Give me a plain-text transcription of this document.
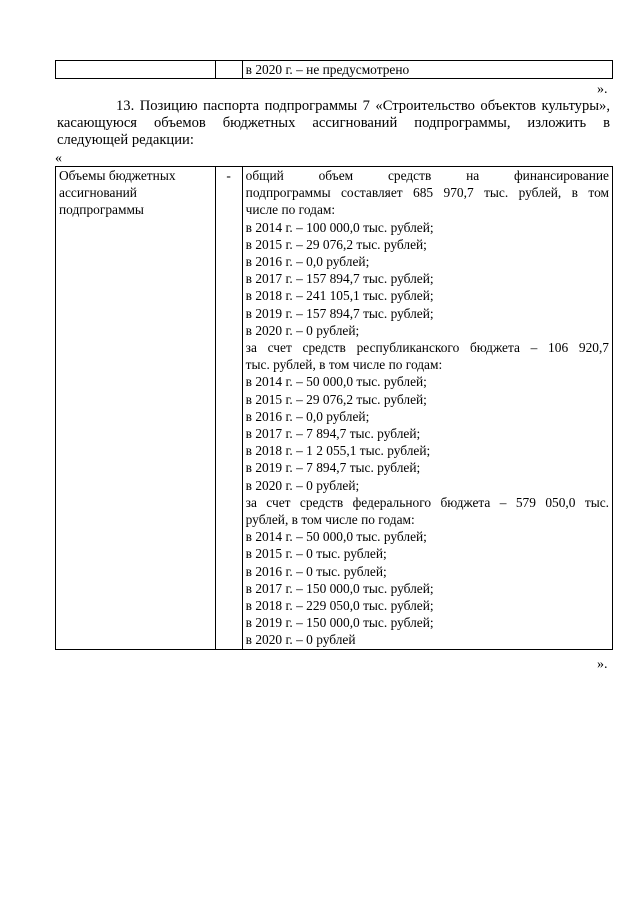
		в 2020 г. – не предусмотрено
».
13. Позицию паспорта подпрограммы 7 «Строительство объектов культуры»,
касающуюся объемов бюджетных ассигнований подпрограммы, изложить в
следующей редакции:
«
Объемы бюджетных
ассигнований
подпрограммы
	-	общий объем средств на финансирование
подпрограммы составляет 685 970,7 тыс. рублей, в том
числе по годам:
в 2014 г. – 100 000,0 тыс. рублей;
в 2015 г. – 29 076,2 тыс. рублей;
в 2016 г. – 0,0 рублей;
в 2017 г. – 157 894,7 тыс. рублей;
в 2018 г. – 241 105,1 тыс. рублей;
в 2019 г. – 157 894,7 тыс. рублей;
в 2020 г. – 0 рублей;
за счет средств республиканского бюджета – 106 920,7
тыс. рублей, в том числе по годам:
в 2014 г. – 50 000,0 тыс. рублей;
в 2015 г. – 29 076,2 тыс. рублей;
в 2016 г. – 0,0 рублей;
в 2017 г. – 7 894,7 тыс. рублей;
в 2018 г. – 1 2 055,1 тыс. рублей;
в 2019 г. – 7 894,7 тыс. рублей;
в 2020 г. – 0 рублей;
за счет средств федерального бюджета – 579 050,0 тыс.
рублей, в том числе по годам:
в 2014 г. – 50 000,0 тыс. рублей;
в 2015 г. – 0 тыс. рублей;
в 2016 г. – 0 тыс. рублей;
в 2017 г. – 150 000,0 тыс. рублей;
в 2018 г. – 229 050,0 тыс. рублей;
в 2019 г. – 150 000,0 тыс. рублей;
в 2020 г. – 0 рублей
».
